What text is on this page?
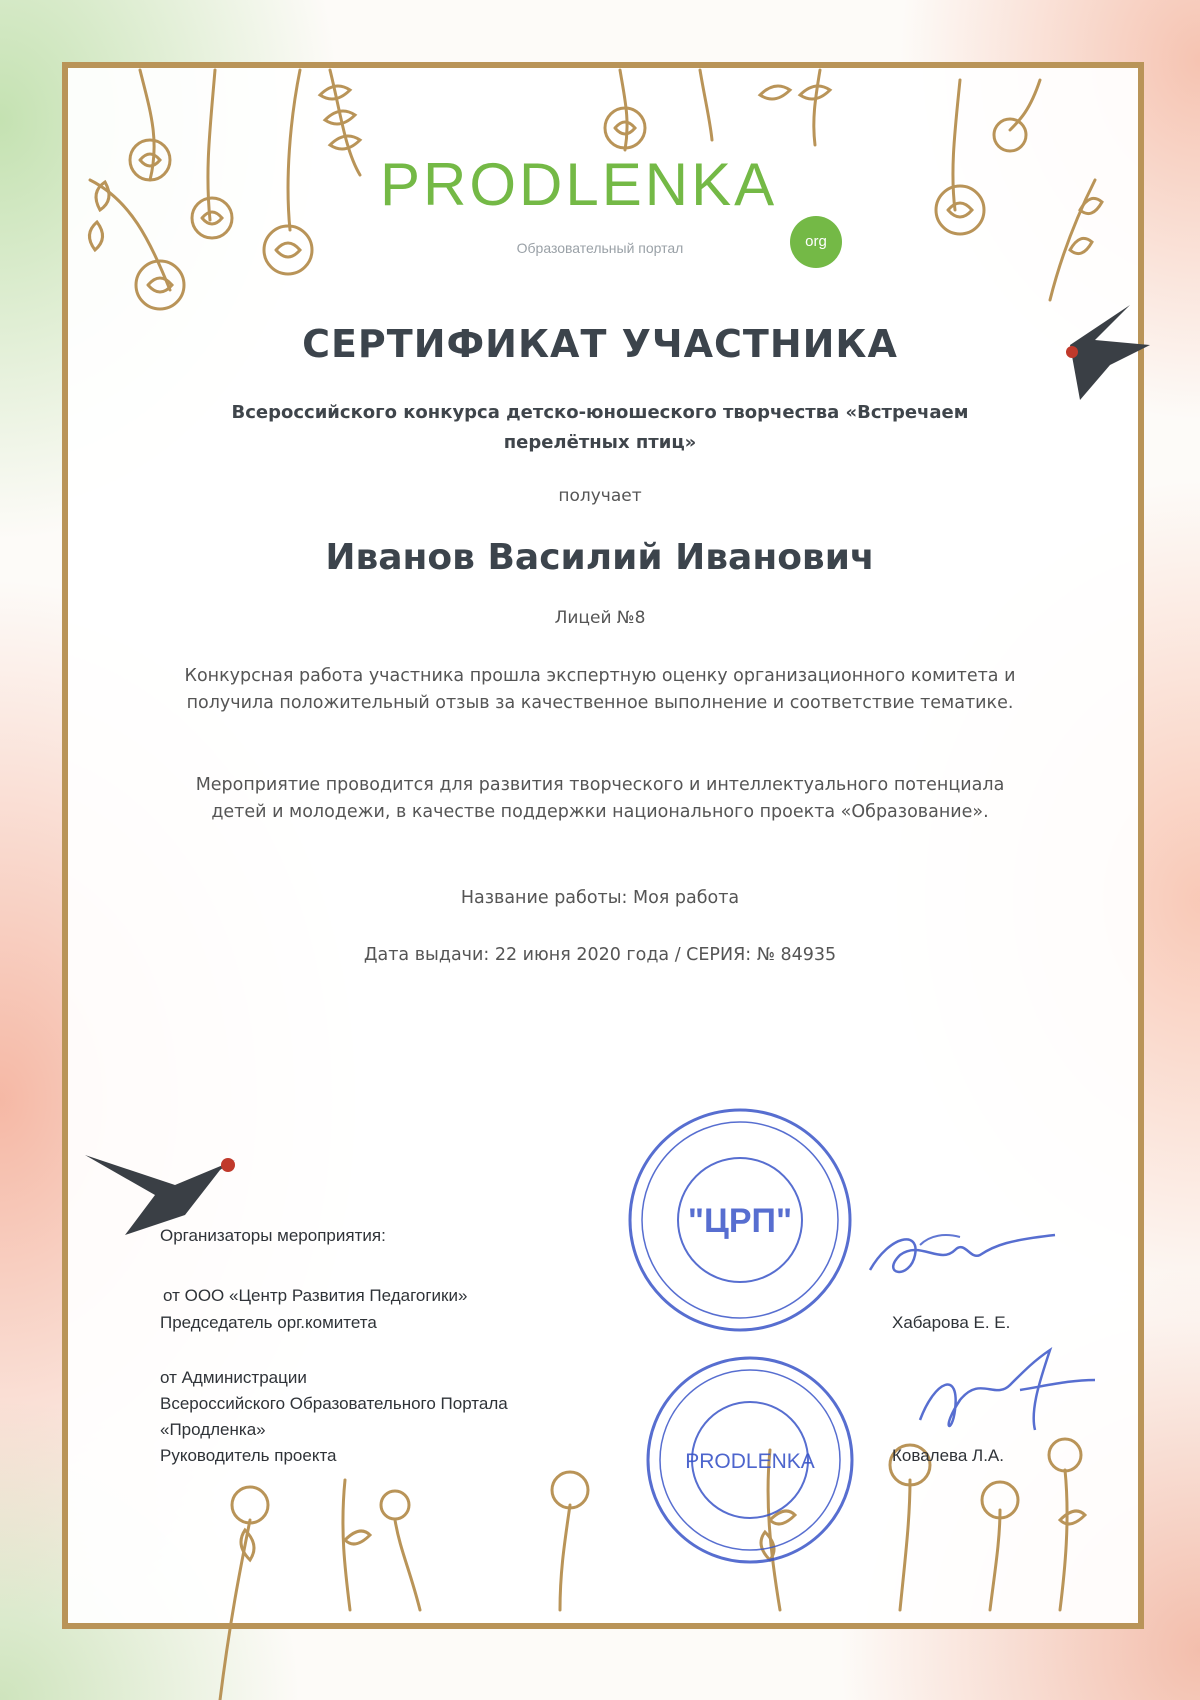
PRODLENKA
org
Образовательный портал
СЕРТИФИКАТ УЧАСТНИКА
Всероссийского конкурса детско-юношеского творчества «Встречаем перелётных птиц»
получает
Иванов Василий Иванович
Лицей №8
Конкурсная работа участника прошла экспертную оценку организационного комитета и получила положительный отзыв за качественное выполнение и соответствие тематике.
Мероприятие проводится для развития творческого и интеллектуального потенциала детей и молодежи, в качестве поддержки национального проекта «Образование».
Название работы: Моя работа
Дата выдачи: 22 июня 2020 года / СЕРИЯ: № 84935
"ЦРП"
PRODLENKA
Организаторы мероприятия:
от ООО «Центр Развития Педагогики»
Председатель орг.комитета	Хабарова Е. Е.
от Администрации
Всероссийского Образовательного Портала
«Продленка»
Руководитель проекта	Ковалева Л.А.
